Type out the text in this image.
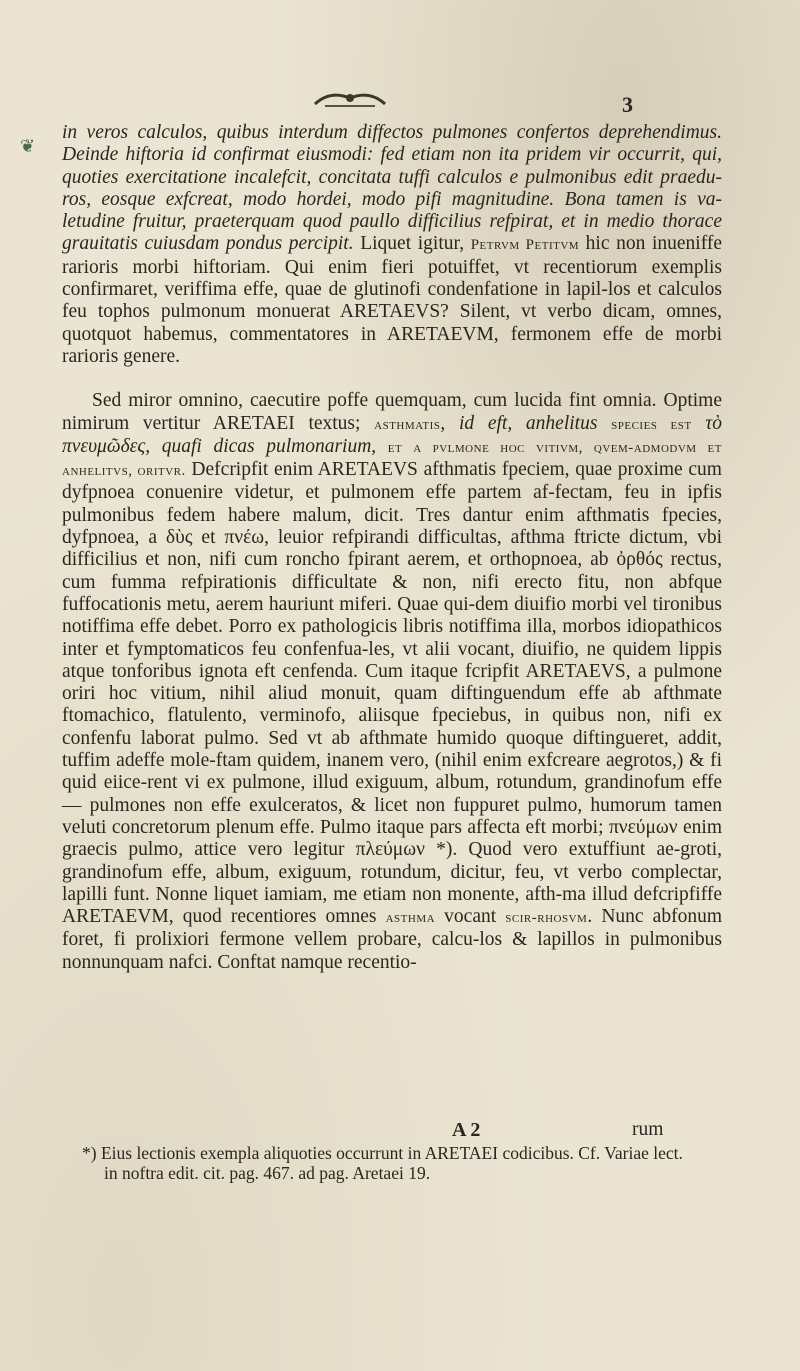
3
❦

in veros calculos, quibus interdum diffectos pulmones confertos deprehendimus. Deinde hiftoria id confirmat eiusmodi: fed etiam non ita pridem vir occurrit, qui, quoties exercitatione incalefcit, concitata tuffi calculos e pulmonibus edit praedu-ros, eosque exfcreat, modo hordei, modo pifi magnitudine. Bona tamen is va-letudine fruitur, praeterquam quod paullo difficilius refpirat, et in medio thorace grauitatis cuiusdam pondus percipit. Liquet igitur, Petrvm Petitvm hic non inueniffe rarioris morbi hiftoriam. Qui enim fieri potuiffet, vt recentiorum exemplis confirmaret, veriffima effe, quae de glutinofi condenfatione in lapil-los et calculos feu tophos pulmonum monuerat ARETAEVS? Silent, vt verbo dicam, omnes, quotquot habemus, commentatores in ARETAEVM, fermonem effe de morbi rarioris genere.

Sed miror omnino, caecutire poffe quemquam, cum lucida fint omnia. Optime nimirum vertitur ARETAEI textus; asthmatis, id eft, anhelitus species est τὸ πνευμῶδες, quafi dicas pulmonarium, et a pvlmone hoc vitivm, qvem-admodvm et anhelitvs, oritvr. Defcripfit enim ARETAEVS afthmatis fpeciem, quae proxime cum dyfpnoea conuenire videtur, et pulmonem effe partem af-fectam, feu in ipfis pulmonibus fedem habere malum, dicit. Tres dantur enim afthmatis fpecies, dyfpnoea, a δὺς et πνέω, leuior refpirandi difficultas, afthma ftricte dictum, vbi difficilius et non, nifi cum roncho fpirant aerem, et orthopnoea, ab ὀρθός rectus, cum fumma refpirationis difficultate & non, nifi erecto fitu, non abfque fuffocationis metu, aerem hauriunt miferi. Quae qui-dem diuifio morbi vel tironibus notiffima effe debet. Porro ex pathologicis libris notiffima illa, morbos idiopathicos inter et fymptomaticos feu confenfua-les, vt alii vocant, diuifio, ne quidem lippis atque tonforibus ignota eft cenfenda. Cum itaque fcripfit ARETAEVS, a pulmone oriri hoc vitium, nihil aliud monuit, quam diftinguendum effe ab afthmate ftomachico, flatulento, verminofo, aliisque fpeciebus, in quibus non, nifi ex confenfu laborat pulmo. Sed vt ab afthmate humido quoque diftingueret, addit, tuffim adeffe mole-ftam quidem, inanem vero, (nihil enim exfcreare aegrotos,) & fi quid eiice-rent vi ex pulmone, illud exiguum, album, rotundum, grandinofum effe — pulmones non effe exulceratos, & licet non fuppuret pulmo, humorum tamen veluti concretorum plenum effe. Pulmo itaque pars affecta eft morbi; πνεύμων enim graecis pulmo, attice vero legitur πλεύμων *). Quod vero extuffiunt ae-groti, grandinofum effe, album, exiguum, rotundum, dicitur, feu, vt verbo complectar, lapilli funt. Nonne liquet iamiam, me etiam non monente, afth-ma illud defcripfiffe ARETAEVM, quod recentiores omnes asthma vocant scir-rhosvm. Nunc abfonum foret, fi prolixiori fermone vellem probare, calcu-los & lapillos in pulmonibus nonnunquam nafci. Conftat namque recentio-

A 2	rum
*) Eius lectionis exempla aliquoties occurrunt in ARETAEI codicibus. Cf. Variae lect.
in noftra edit. cit. pag. 467. ad pag. Aretaei 19.
